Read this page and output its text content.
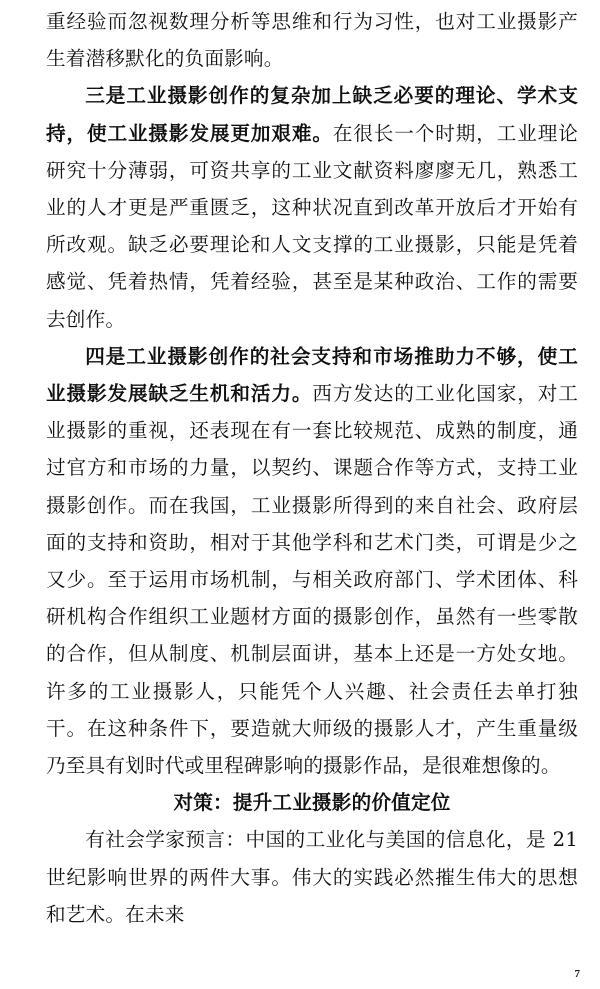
重经验而忽视数理分析等思维和行为习性，也对工业摄影产生着潜移默化的负面影响。

三是工业摄影创作的复杂加上缺乏必要的理论、学术支持，使工业摄影发展更加艰难。在很长一个时期，工业理论研究十分薄弱，可资共享的工业文献资料廖廖无几，熟悉工业的人才更是严重匮乏，这种状况直到改革开放后才开始有所改观。缺乏必要理论和人文支撑的工业摄影，只能是凭着感觉、凭着热情，凭着经验，甚至是某种政治、工作的需要去创作。

四是工业摄影创作的社会支持和市场推助力不够，使工业摄影发展缺乏生机和活力。西方发达的工业化国家，对工业摄影的重视，还表现在有一套比较规范、成熟的制度，通过官方和市场的力量，以契约、课题合作等方式，支持工业摄影创作。而在我国，工业摄影所得到的来自社会、政府层面的支持和资助，相对于其他学科和艺术门类，可谓是少之又少。至于运用市场机制，与相关政府部门、学术团体、科研机构合作组织工业题材方面的摄影创作，虽然有一些零散的合作，但从制度、机制层面讲，基本上还是一方处女地。许多的工业摄影人，只能凭个人兴趣、社会责任去单打独干。在这种条件下，要造就大师级的摄影人才，产生重量级乃至具有划时代或里程碑影响的摄影作品，是很难想像的。

对策：提升工业摄影的价值定位

有社会学家预言：中国的工业化与美国的信息化，是 21 世纪影响世界的两件大事。伟大的实践必然摧生伟大的思想和艺术。在未来

7
